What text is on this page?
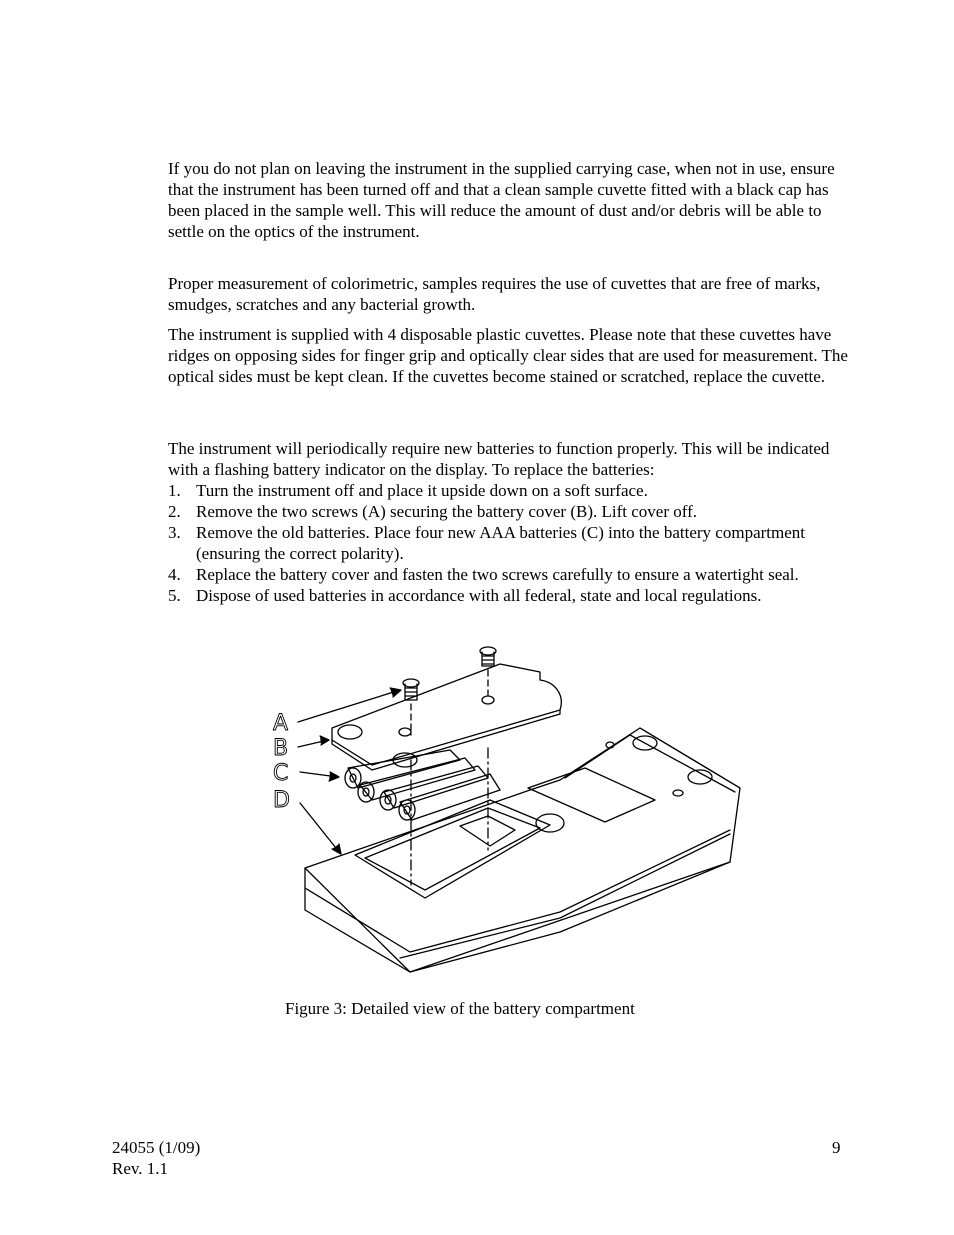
If you do not plan on leaving the instrument in the supplied carrying case, when not in use, ensure that the instrument has been turned off and that a clean sample cuvette fitted with a black cap has been placed in the sample well. This will reduce the amount of dust and/or debris will be able to settle on the optics of the instrument.

Proper measurement of colorimetric, samples requires the use of cuvettes that are free of marks, smudges, scratches and any bacterial growth.

The instrument is supplied with 4 disposable plastic cuvettes. Please note that these cuvettes have ridges on opposing sides for finger grip and optically clear sides that are used for measurement. The optical sides must be kept clean. If the cuvettes become stained or scratched, replace the cuvette.

The instrument will periodically require new batteries to function properly. This will be indicated with a flashing battery indicator on the display. To replace the batteries:

1. Turn the instrument off and place it upside down on a soft surface.
2. Remove the two screws (A) securing the battery cover (B). Lift cover off.
3. Remove the old batteries. Place four new AAA batteries (C) into the battery compartment (ensuring the correct polarity).
4. Replace the battery cover and fasten the two screws carefully to ensure a watertight seal.
5. Dispose of used batteries in accordance with all federal, state and local regulations.
A
B
C
D

Figure 3: Detailed view of the battery compartment

24055 (1/09)
Rev. 1.1
9
